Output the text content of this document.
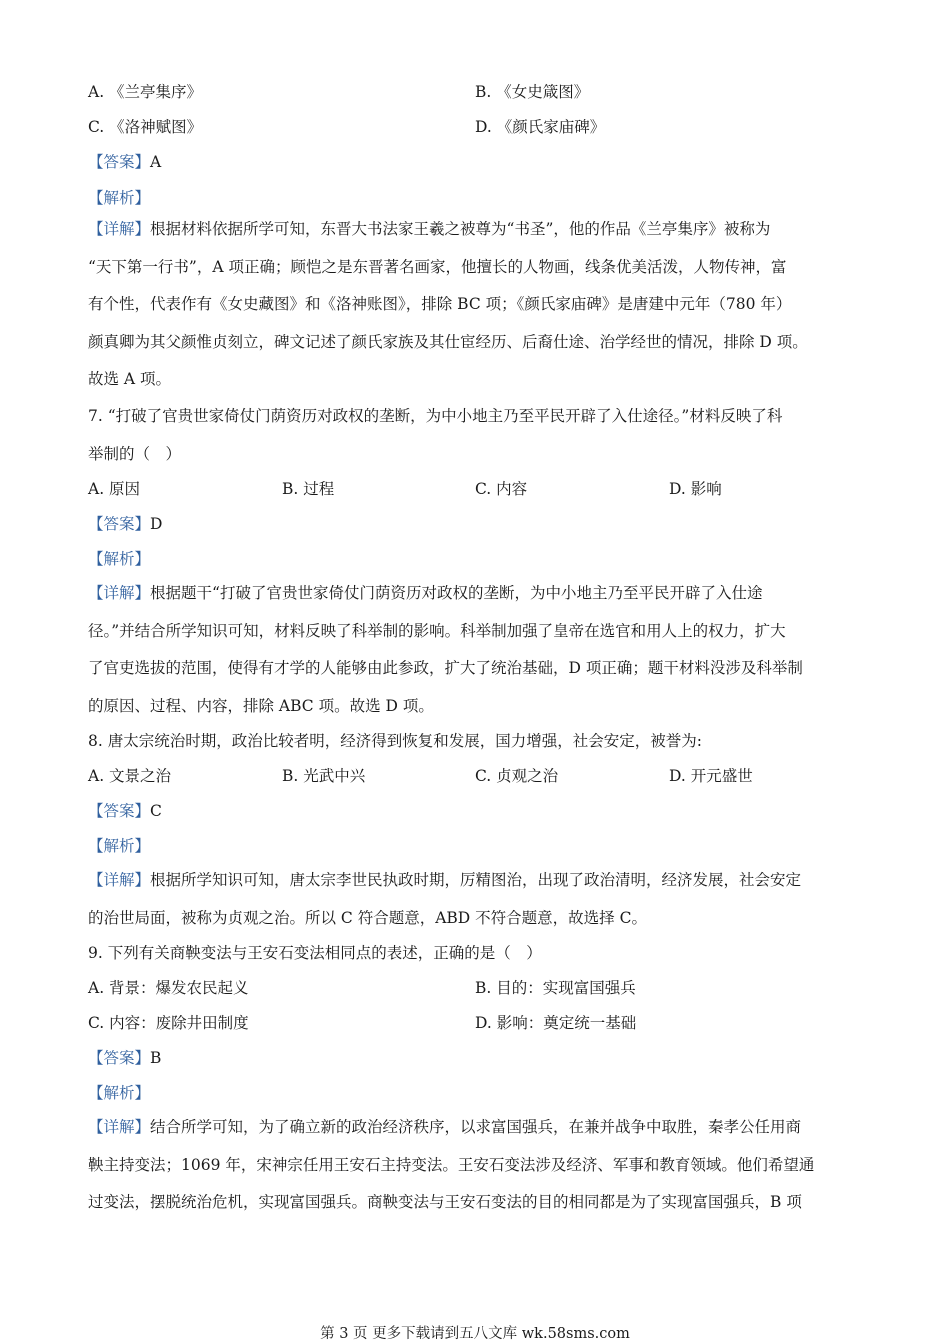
A. 《兰亭集序》	B. 《女史箴图》
C. 《洛神赋图》	D. 《颜氏家庙碑》
【答案】A
【解析】
【详解】根据材料依据所学可知，东晋大书法家王羲之被尊为“书圣”，他的作品《兰亭集序》被称为
“天下第一行书”，A 项正确；顾恺之是东晋著名画家，他擅长的人物画，线条优美活泼，人物传神，富
有个性，代表作有《女史藏图》和《洛神账图》，排除 BC 项；《颜氏家庙碑》是唐建中元年（780 年）
颜真卿为其父颜惟贞刻立，碑文记述了颜氏家族及其仕宦经历、后裔仕途、治学经世的情况，排除 D 项。
故选 A 项。
7. “打破了官贵世家倚仗门荫资历对政权的垄断，为中小地主乃至平民开辟了入仕途径。”材料反映了科
举制的（　）
A. 原因	B. 过程	C. 内容	D. 影响
【答案】D
【解析】
【详解】根据题干“打破了官贵世家倚仗门荫资历对政权的垄断，为中小地主乃至平民开辟了入仕途
径。”并结合所学知识可知，材料反映了科举制的影响。科举制加强了皇帝在选官和用人上的权力，扩大
了官吏选拔的范围，使得有才学的人能够由此参政，扩大了统治基础，D 项正确；题干材料没涉及科举制
的原因、过程、内容，排除 ABC 项。故选 D 项。
8. 唐太宗统治时期，政治比较者明，经济得到恢复和发展，国力增强，社会安定，被誉为:
A. 文景之治	B. 光武中兴	C. 贞观之治	D. 开元盛世
【答案】C
【解析】
【详解】根据所学知识可知，唐太宗李世民执政时期，厉精图治，出现了政治清明，经济发展，社会安定
的治世局面，被称为贞观之治。所以 C 符合题意，ABD 不符合题意，故选择 C。
9. 下列有关商鞅变法与王安石变法相同点的表述，正确的是（　）
A. 背景：爆发农民起义	B. 目的：实现富国强兵
C. 内容：废除井田制度	D. 影响：奠定统一基础
【答案】B
【解析】
【详解】结合所学可知，为了确立新的政治经济秩序，以求富国强兵，在兼并战争中取胜，秦孝公任用商
鞅主持变法；1069 年，宋神宗任用王安石主持变法。王安石变法涉及经济、军事和教育领域。他们希望通
过变法，摆脱统治危机，实现富国强兵。商鞅变法与王安石变法的目的相同都是为了实现富国强兵，B 项
第 3 页 更多下载请到五八文库 wk.58sms.com
